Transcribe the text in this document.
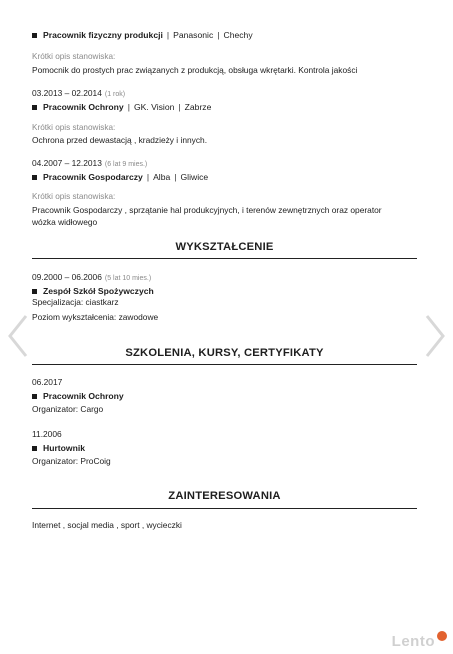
Pracownik fizyczny produkcji | Panasonic | Chechy
Krótki opis stanowiska:
Pomocnik do prostych prac związanych z produkcją, obsługa wkrętarki. Kontrola jakości
03.2013 – 02.2014 (1 rok)
Pracownik Ochrony | GK. Vision | Zabrze
Krótki opis stanowiska:
Ochrona przed dewastacją , kradzieży i innych.
04.2007 – 12.2013 (6 lat 9 mies.)
Pracownik Gospodarczy | Alba | Gliwice
Krótki opis stanowiska:
Pracownik Gospodarczy , sprzątanie hal produkcyjnych, i terenów zewnętrznych oraz operator
wózka widłowego
WYKSZTAŁCENIE
09.2000 – 06.2006 (5 lat 10 mies.)
Zespół Szkół Spożywczych
Specjalizacja: ciastkarz
Poziom wykształcenia: zawodowe
SZKOLENIA, KURSY, CERTYFIKATY
06.2017
Pracownik Ochrony
Organizator: Cargo
11.2006
Hurtownik
Organizator: ProCoig
ZAINTERESOWANIA
Internet , socjal media , sport , wycieczki
Lento
